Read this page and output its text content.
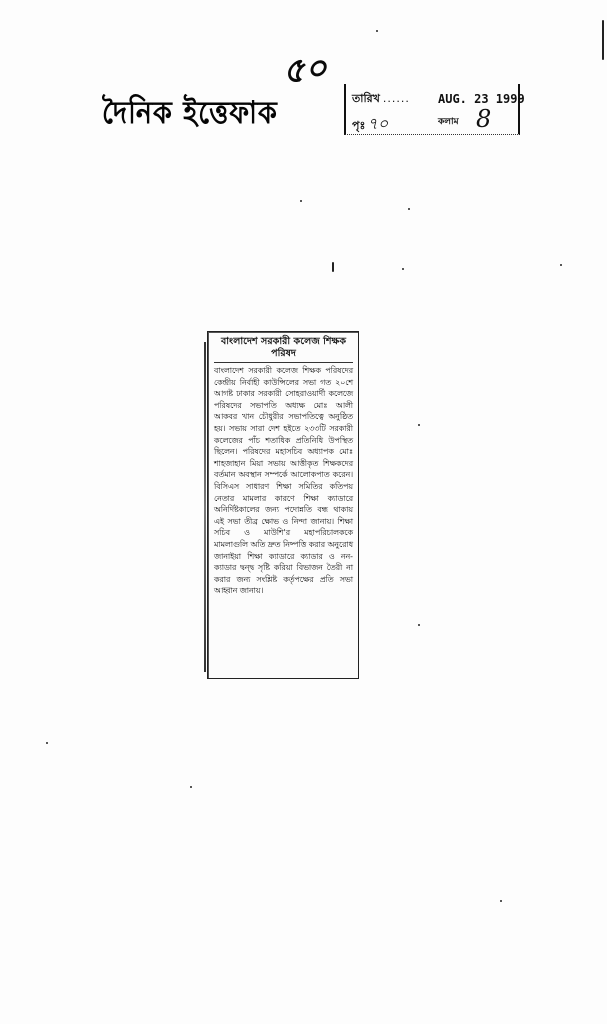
৫০
দৈনিক ইত্তেফাক	তারিখ ...... AUG. 23 1999
পৃঃ ৭০	কলাম 8

বাংলাদেশ সরকারী কলেজ শিক্ষক পরিষদ

বাংলাদেশ সরকারী কলেজ শিক্ষক পরিষদের কেন্দ্রীয় নির্বাহী কাউন্সিলের সভা গত ২০শে আগষ্ট ঢাকার সরকারী সোহরাওয়ার্দী কলেজে পরিষদের সভাপতি অধ্যক্ষ মোঃ আলী আকবর খান চৌধুরীর সভাপতিত্বে অনুষ্ঠিত হয়। সভায় সারা দেশ হইতে ২৩৩টি সরকারী কলেজের পাঁচ শতাধিক প্রতিনিধি উপস্থিত ছিলেন। পরিষদের মহাসচিব অধ্যাপক মোঃ শাহজাহান মিয়া সভায় আত্তীকৃত শিক্ষকদের বর্তমান অবস্থান সম্পর্কে আলোকপাত করেন। বিসিএস সাধারণ শিক্ষা সমিতির কতিপয় নেতার মামলার কারণে শিক্ষা ক্যাডারে অনির্দিষ্টকালের জন্য পদোন্নতি বন্ধ থাকায় এই সভা তীব্র ক্ষোভ ও নিন্দা জানায়। শিক্ষা সচিব ও মাউশি'র মহাপরিচালককে মামলাগুলি অতি দ্রুত নিষ্পত্তি করার অনুরোধ জানাইয়া শিক্ষা ক্যাডারে ক্যাডার ও নন-ক্যাডার দ্বন্দ্ব সৃষ্টি করিয়া বিভাজন তৈরী না করার জন্য সংশ্লিষ্ট কর্তৃপক্ষের প্রতি সভা আহ্বান জানায়।
